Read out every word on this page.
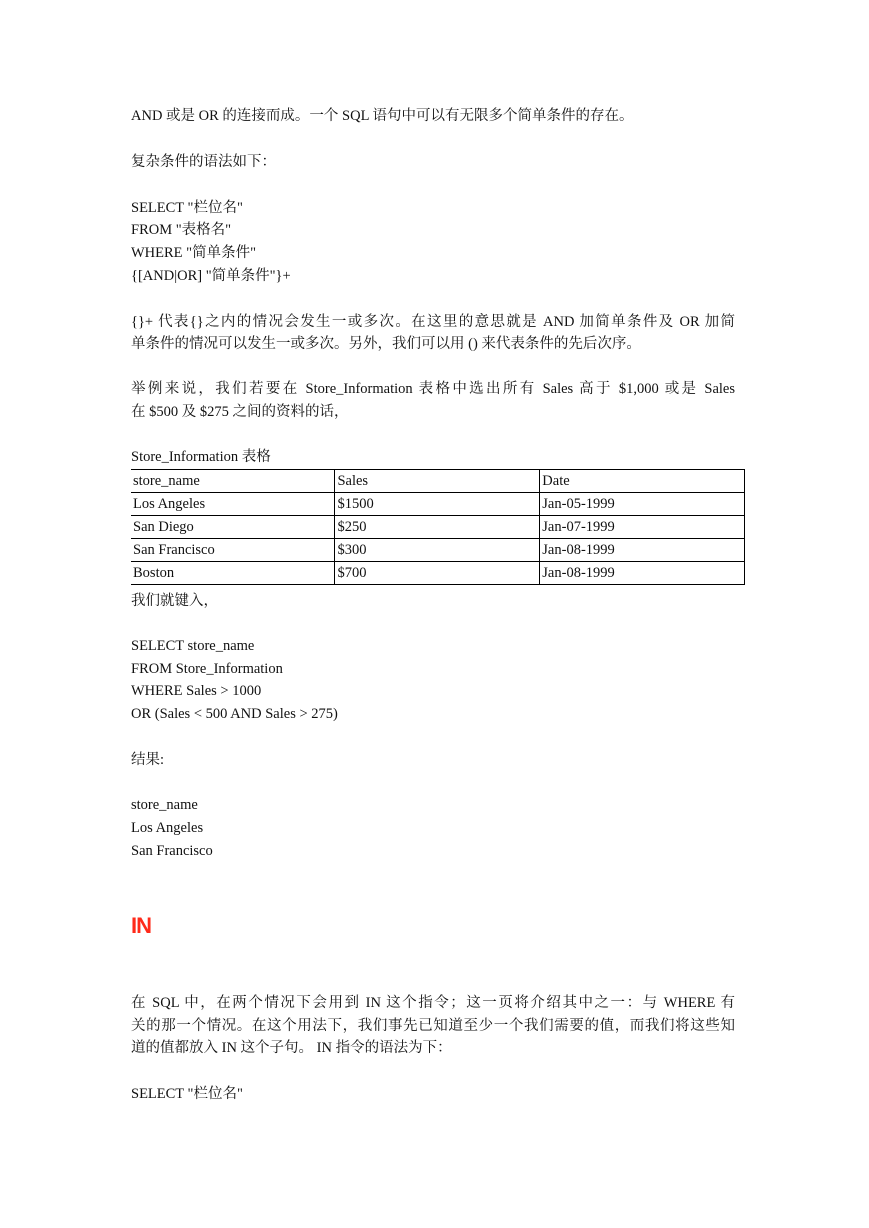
AND 或是 OR 的连接而成。一个 SQL 语句中可以有无限多个简单条件的存在。
复杂条件的语法如下：
SELECT "栏位名"
FROM "表格名"
WHERE "简单条件"
{[AND|OR] "简单条件"}+
{}+ 代表{}之内的情况会发生一或多次。在这里的意思就是 AND 加简单条件及 OR 加简
单条件的情况可以发生一或多次。另外，我们可以用 () 来代表条件的先后次序。
举例来说，我们若要在 Store_Information 表格中选出所有 Sales 高于 $1,000 或是 Sales
在 $500 及 $275 之间的资料的话，
Store_Information 表格
store_name	Sales	Date
Los Angeles	$1500	Jan-05-1999
San Diego	$250	Jan-07-1999
San Francisco	$300	Jan-08-1999
Boston	$700	Jan-08-1999
我们就键入，
SELECT store_name
FROM Store_Information
WHERE Sales > 1000
OR (Sales < 500 AND Sales > 275)
结果:
store_name
Los Angeles
San Francisco
IN
在 SQL 中，在两个情况下会用到 IN 这个指令；这一页将介绍其中之一：与 WHERE 有
关的那一个情况。在这个用法下，我们事先已知道至少一个我们需要的值，而我们将这些知
道的值都放入 IN 这个子句。 IN 指令的语法为下：
SELECT "栏位名"
